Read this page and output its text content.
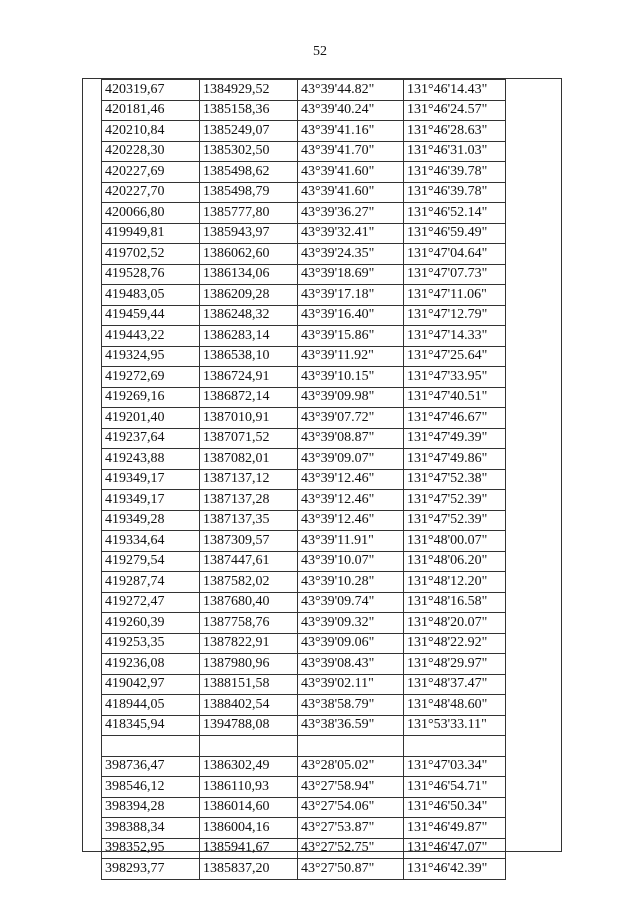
52
420319,67	1384929,52	43°39'44.82"	131°46'14.43"
420181,46	1385158,36	43°39'40.24"	131°46'24.57"
420210,84	1385249,07	43°39'41.16"	131°46'28.63"
420228,30	1385302,50	43°39'41.70"	131°46'31.03"
420227,69	1385498,62	43°39'41.60"	131°46'39.78"
420227,70	1385498,79	43°39'41.60"	131°46'39.78"
420066,80	1385777,80	43°39'36.27"	131°46'52.14"
419949,81	1385943,97	43°39'32.41"	131°46'59.49"
419702,52	1386062,60	43°39'24.35"	131°47'04.64"
419528,76	1386134,06	43°39'18.69"	131°47'07.73"
419483,05	1386209,28	43°39'17.18"	131°47'11.06"
419459,44	1386248,32	43°39'16.40"	131°47'12.79"
419443,22	1386283,14	43°39'15.86"	131°47'14.33"
419324,95	1386538,10	43°39'11.92"	131°47'25.64"
419272,69	1386724,91	43°39'10.15"	131°47'33.95"
419269,16	1386872,14	43°39'09.98"	131°47'40.51"
419201,40	1387010,91	43°39'07.72"	131°47'46.67"
419237,64	1387071,52	43°39'08.87"	131°47'49.39"
419243,88	1387082,01	43°39'09.07"	131°47'49.86"
419349,17	1387137,12	43°39'12.46"	131°47'52.38"
419349,17	1387137,28	43°39'12.46"	131°47'52.39"
419349,28	1387137,35	43°39'12.46"	131°47'52.39"
419334,64	1387309,57	43°39'11.91"	131°48'00.07"
419279,54	1387447,61	43°39'10.07"	131°48'06.20"
419287,74	1387582,02	43°39'10.28"	131°48'12.20"
419272,47	1387680,40	43°39'09.74"	131°48'16.58"
419260,39	1387758,76	43°39'09.32"	131°48'20.07"
419253,35	1387822,91	43°39'09.06"	131°48'22.92"
419236,08	1387980,96	43°39'08.43"	131°48'29.97"
419042,97	1388151,58	43°39'02.11"	131°48'37.47"
418944,05	1388402,54	43°38'58.79"	131°48'48.60"
418345,94	1394788,08	43°38'36.59"	131°53'33.11"

398736,47	1386302,49	43°28'05.02"	131°47'03.34"
398546,12	1386110,93	43°27'58.94"	131°46'54.71"
398394,28	1386014,60	43°27'54.06"	131°46'50.34"
398388,34	1386004,16	43°27'53.87"	131°46'49.87"
398352,95	1385941,67	43°27'52.75"	131°46'47.07"
398293,77	1385837,20	43°27'50.87"	131°46'42.39"
